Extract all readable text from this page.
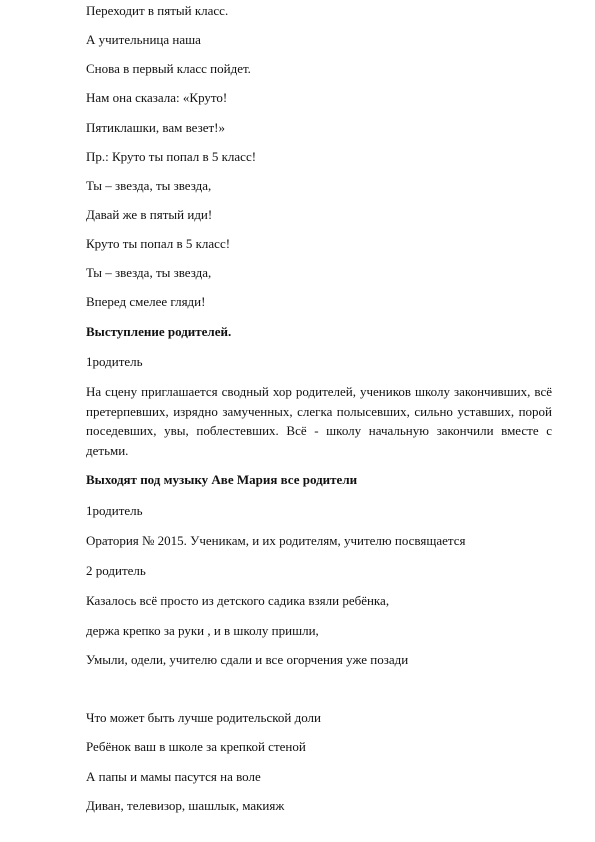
Переходит в пятый класс.

А учительница наша

Снова в первый класс пойдет.

Нам она сказала: «Круто!

Пятиклашки, вам везет!»

Пр.: Круто ты попал в 5 класс!

Ты – звезда, ты звезда,

Давай же в пятый иди!

Круто ты попал в 5 класс!

Ты – звезда, ты звезда,

Вперед смелее гляди!

Выступление родителей.

1родитель

На сцену приглашается сводный хор родителей, учеников школу закончивших, всё претерпевших, изрядно замученных, слегка полысевших, сильно уставших, порой поседевших, увы, поблестевших. Всё - школу начальную закончили вместе с детьми.

Выходят под музыку Аве Мария все родители

1родитель

Оратория № 2015. Ученикам, и их родителям, учителю посвящается

2 родитель

Казалось всё просто из детского садика взяли ребёнка,

держа крепко за руки , и в школу пришли,

Умыли, одели, учителю сдали и все огорчения уже позади

Что может быть лучше родительской доли

Ребёнок ваш в школе за крепкой стеной

А папы и мамы пасутся на воле

Диван, телевизор, шашлык, макияж
